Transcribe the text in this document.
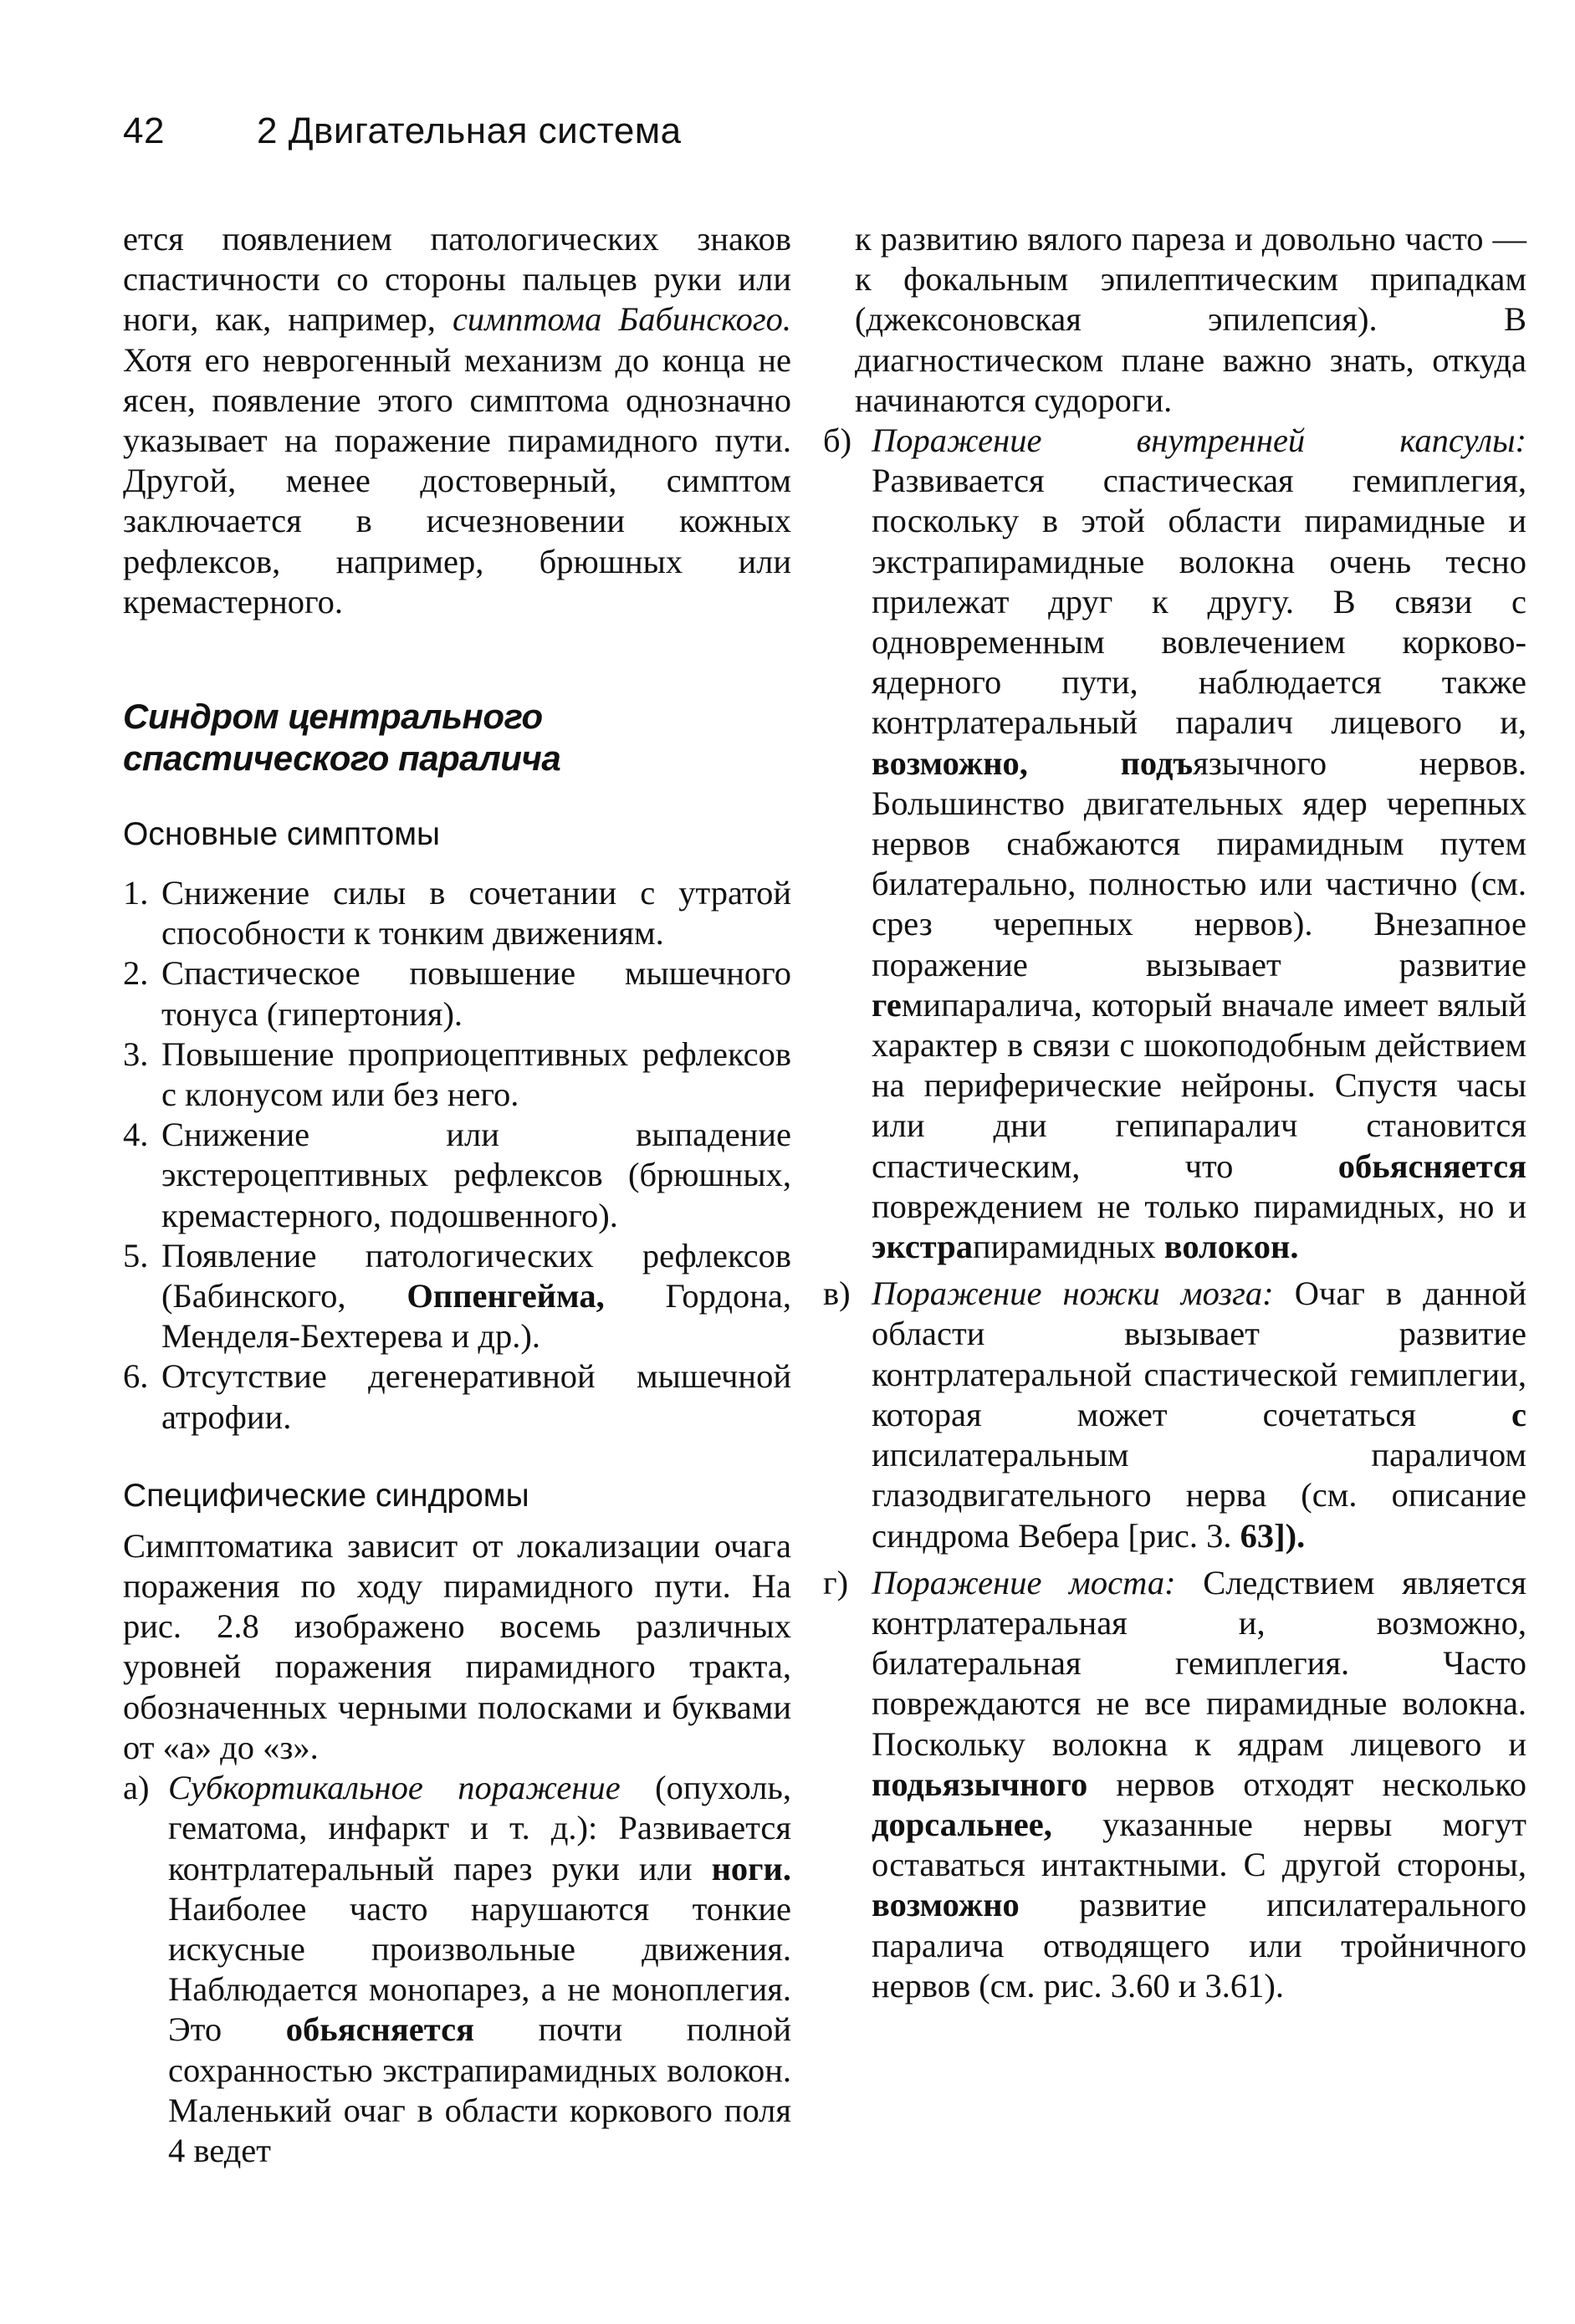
42	2 Двигательная система

ется появлением патологических знаков спастичности со стороны пальцев руки или ноги, как, например, симптома Бабинского. Хотя его неврогенный механизм до конца не ясен, появление этого симптома однозначно указывает на поражение пирамидного пути. Другой, менее достоверный, симптом заключается в исчезновении кожных рефлексов, например, брюшных или кремастерного.

Синдром центрального
спастического паралича
Основные симптомы
1. Снижение силы в сочетании с утратой способности к тонким движениям.
2. Спастическое повышение мышечного тонуса (гипертония).
3. Повышение проприоцептивных рефлексов с клонусом или без него.
4. Снижение или выпадение экстероцептивных рефлексов (брюшных, кремастерного, подошвенного).
5. Появление патологических рефлексов (Бабинского, Оппенгейма, Гордона, Менделя-Бехтерева и др.).
6. Отсутствие дегенеративной мышечной атрофии.
Специфические синдромы

Симптоматика зависит от локализации очага поражения по ходу пирамидного пути. На рис. 2.8 изображено восемь различных уровней поражения пирамидного тракта, обозначенных черными полосками и буквами от «а» до «з».

а) Субкортикальное поражение (опухоль, гематома, инфаркт и т. д.): Развивается контрлатеральный парез руки или ноги. Наиболее часто нарушаются тонкие искусные произвольные движения. Наблюдается монопарез, а не моноплегия. Это обьясняется почти полной сохранностью экстрапирамидных волокон. Маленький очаг в области коркового поля 4 ведет

к развитию вялого пареза и довольно часто — к фокальным эпилептическим припадкам (джексоновская эпилепсия). В диагностическом плане важно знать, откуда начинаются судороги.

б) Поражение внутренней капсулы: Развивается спастическая гемиплегия, поскольку в этой области пирамидные и экстрапирамидные волокна очень тесно прилежат друг к другу. В связи с одновременным вовлечением корково-ядерного пути, наблюдается также контрлатеральный паралич лицевого и, возможно, подъязычного нервов. Большинство двигательных ядер черепных нервов снабжаются пирамидным путем билатерально, полностью или частично (см. срез черепных нервов). Внезапное поражение вызывает развитие гемипаралича, который вначале имеет вялый характер в связи с шокоподобным действием на периферические нейроны. Спустя часы или дни гепипаралич становится спастическим, что обьясняется повреждением не только пирамидных, но и экстрапирамидных волокон.
в) Поражение ножки мозга: Очаг в данной области вызывает развитие контрлатеральной спастической гемиплегии, которая может сочетаться с ипсилатеральным параличом глазодвигательного нерва (см. описание синдрома Вебера [рис. 3. 63]).
г) Поражение моста: Следствием является контрлатеральная и, возможно, билатеральная гемиплегия. Часто повреждаются не все пирамидные волокна. Поскольку волокна к ядрам лицевого и подьязычного нервов отходят несколько дорсальнее, указанные нервы могут оставаться интактными. С другой стороны, возможно развитие ипсилатерального паралича отводящего или тройничного нервов (см. рис. 3.60 и 3.61).
